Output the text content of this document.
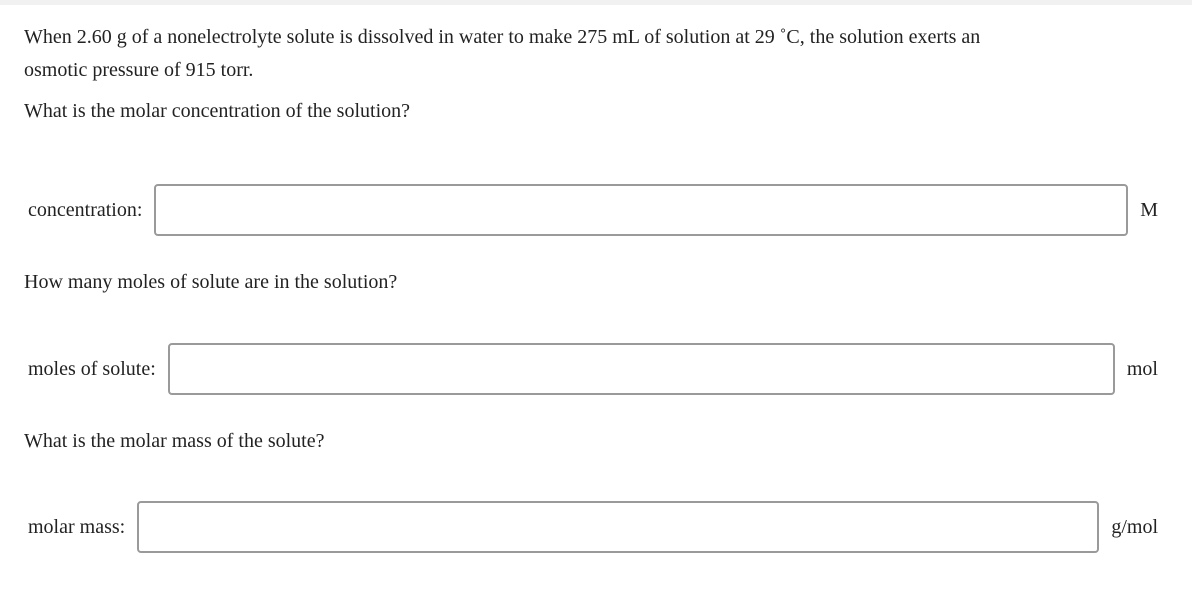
When 2.60 g of a nonelectrolyte solute is dissolved in water to make 275 mL of solution at 29 ˚C, the solution exerts an
osmotic pressure of 915 torr.
What is the molar concentration of the solution?
concentration:	M
How many moles of solute are in the solution?
moles of solute:	mol
What is the molar mass of the solute?
molar mass:	g/mol
